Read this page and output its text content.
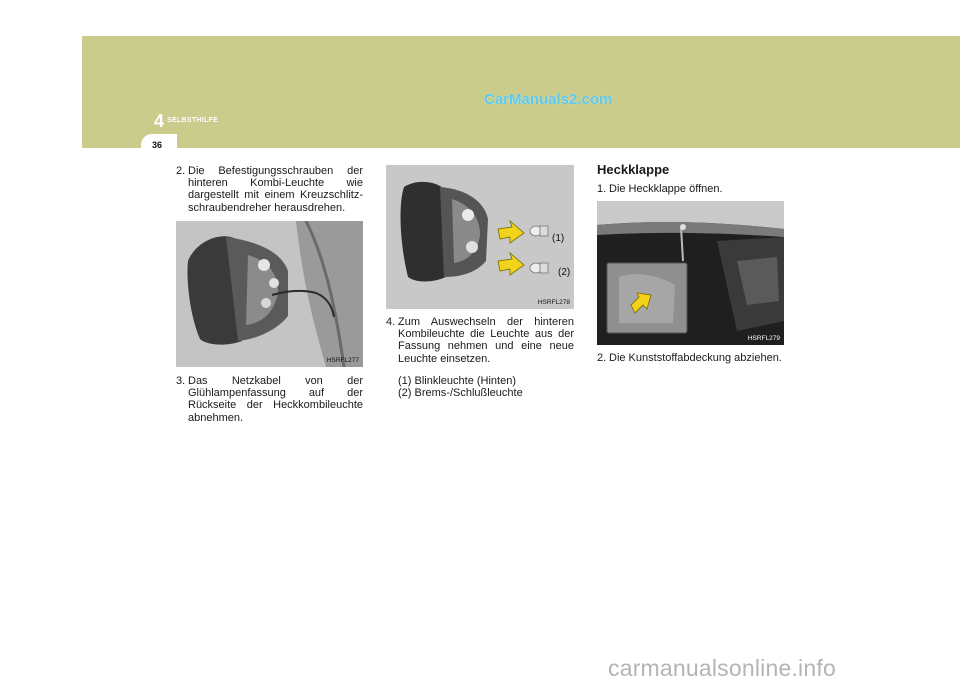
4 SELBSTHILFE
36
CarManuals2.com
2. Die Befestigungsschrauben der hinteren Kombi-Leuchte wie dargestellt mit einem Kreuzschlitz-schraubendreher herausdrehen.
HSRFL277
3. Das Netzkabel von der Glühlampenfassung auf der Rückseite der Heckkombileuchte abnehmen.
(1)
(2)
HSRFL278
4. Zum Auswechseln der hinteren Kombileuchte die Leuchte aus der Fassung nehmen und eine neue Leuchte einsetzen.
(1) Blinkleuchte (Hinten)
(2) Brems-/Schlußleuchte
Heckklappe
1. Die Heckklappe öffnen.
HSRFL279
2. Die Kunststoffabdeckung abziehen.
carmanualsonline.info
